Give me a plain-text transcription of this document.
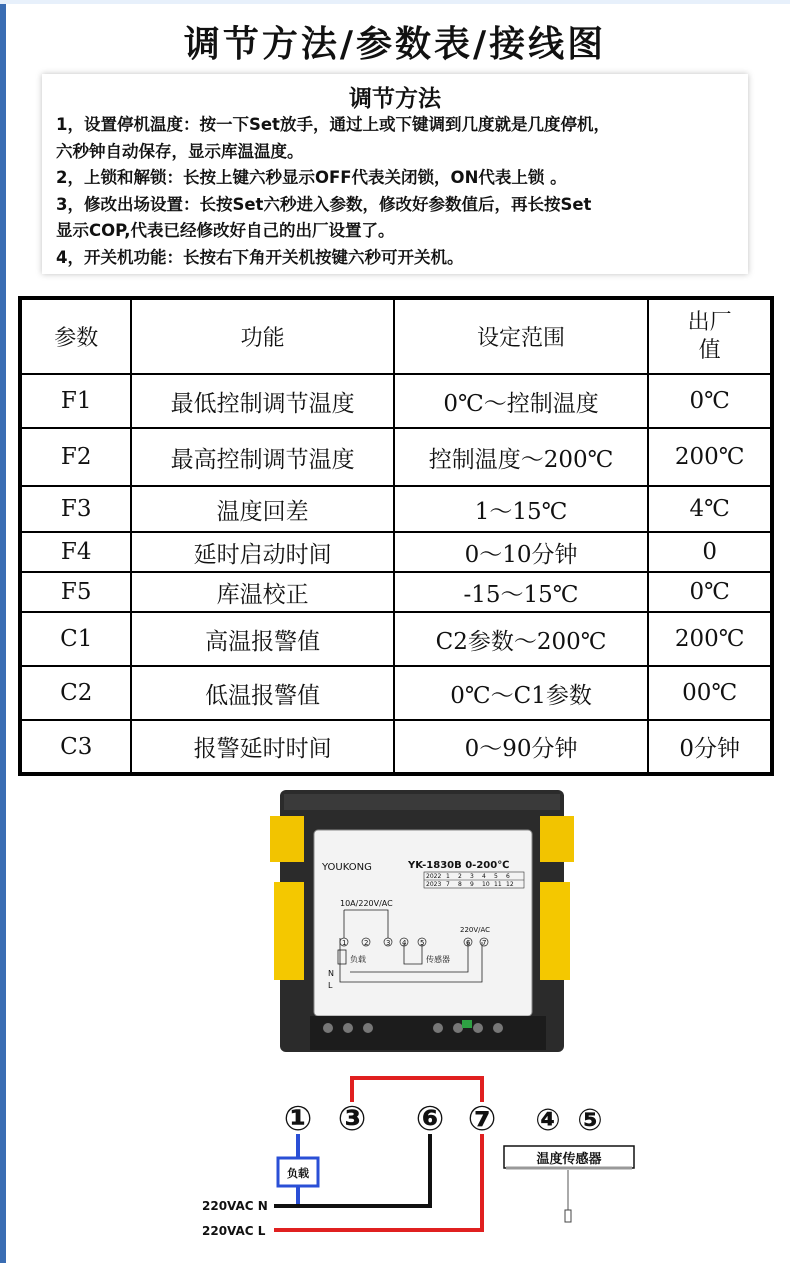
调节方法/参数表/接线图
调节方法
1，设置停机温度：按一下Set放手，通过上或下键调到几度就是几度停机，
六秒钟自动保存，显示库温温度。
2，上锁和解锁：长按上键六秒显示OFF代表关闭锁，ON代表上锁 。
3，修改出场设置：长按Set六秒进入参数，修改好参数值后，再长按Set
显示COP,代表已经修改好自己的出厂设置了。
4，开关机功能：长按右下角开关机按键六秒可开关机。
参数	功能	设定范围	出厂
值

F1	最低控制调节温度	0℃～控制温度	0℃
F2	最高控制调节温度	控制温度～200℃	200℃
F3	温度回差	1～15℃	4℃
F4	延时启动时间	0～10分钟	0
F5	库温校正	-15～15℃	0℃
C1	高温报警值	C2参数～200℃	200℃
C2	低温报警值	0℃～C1参数	00℃
C3	报警延时时间	0～90分钟	0分钟
YOUKONG	YK-1830B 0-200℃
2022 1 2 3 4 5 6
2023 7 8 9 10 11 12
10A/220V/AC
220V/AC
1	2	3 4 5	6 7
负载	传感器
N
L
负载
① ③ ⑥ ⑦ ④ ⑤
温度传感器
220VAC N
220VAC L
